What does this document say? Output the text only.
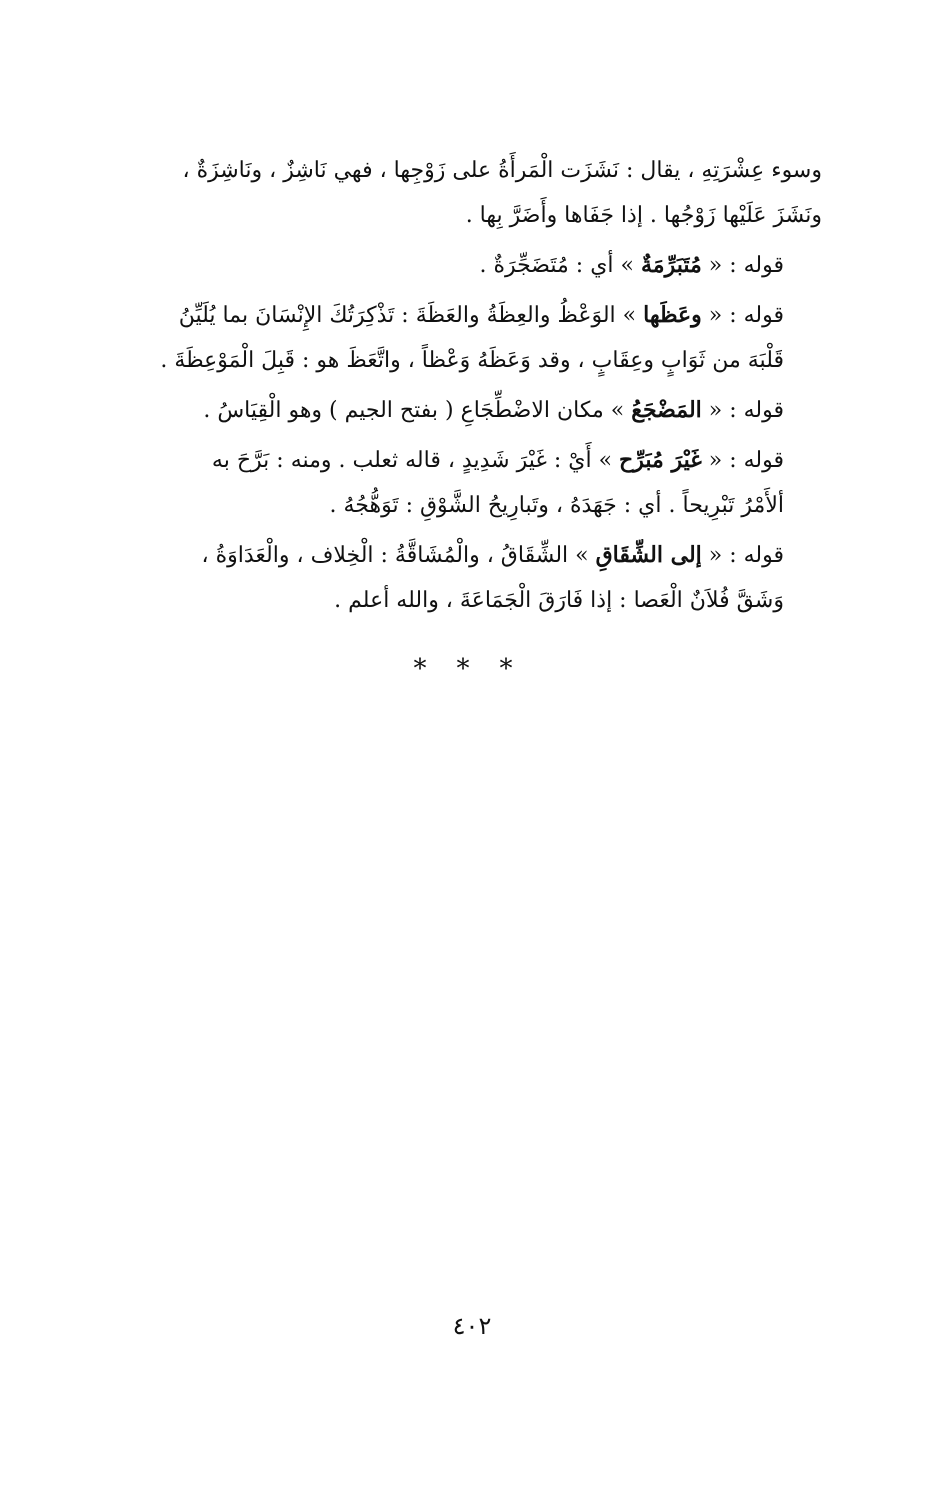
وسوء عِشْرَتِهِ ، يقال : نَشَزَت الْمَرأَةُ على زَوْجِها ، فهي نَاشِزٌ ، ونَاشِزَةٌ ،
ونَشَزَ عَلَيْها زَوْجُها . إذا جَفَاها وأَضَرَّ بِها .

قوله : « مُتَبَرِّمَةٌ » أي : مُتَضَجِّرَةٌ .

قوله : « وعَظَها » الوَعْظُ والعِظَةُ والعَظَةَ : تَذْكِرَتُكَ الإِنْسَانَ بما يُلَيِّنُ
قَلْبَهَ من ثَوَابٍ وعِقَابٍ ، وقد وَعَظَهُ وَعْظاً ، واتَّعَظَ هو : قَبِلَ الْمَوْعِظَةَ .

قوله : « المَضْجَعُ » مكان الاضْطِّجَاعِ ( بفتح الجيم ) وهو الْقِيَاسُ .

قوله : « غَيْرَ مُبَرِّح » أَيْ : غَيْرَ شَدِيدٍ ، قاله ثعلب . ومنه : بَرَّحَ به
ألأَمْرُ تَبْرِيحاً . أي : جَهَدَهُ ، وتَبارِيحُ الشَّوْقِ : تَوَهُّجُهُ .

قوله : « إلى الشِّقَاقِ » الشِّقَاقُ ، والْمُشَاقَّةُ : الْخِلاف ، والْعَدَاوَةُ ،
وَشَقَّ فُلاَنٌ الْعَصا : إذا فَارَقَ الْجَمَاعَةَ ، والله أعلم .

* * *
٤٠٢
